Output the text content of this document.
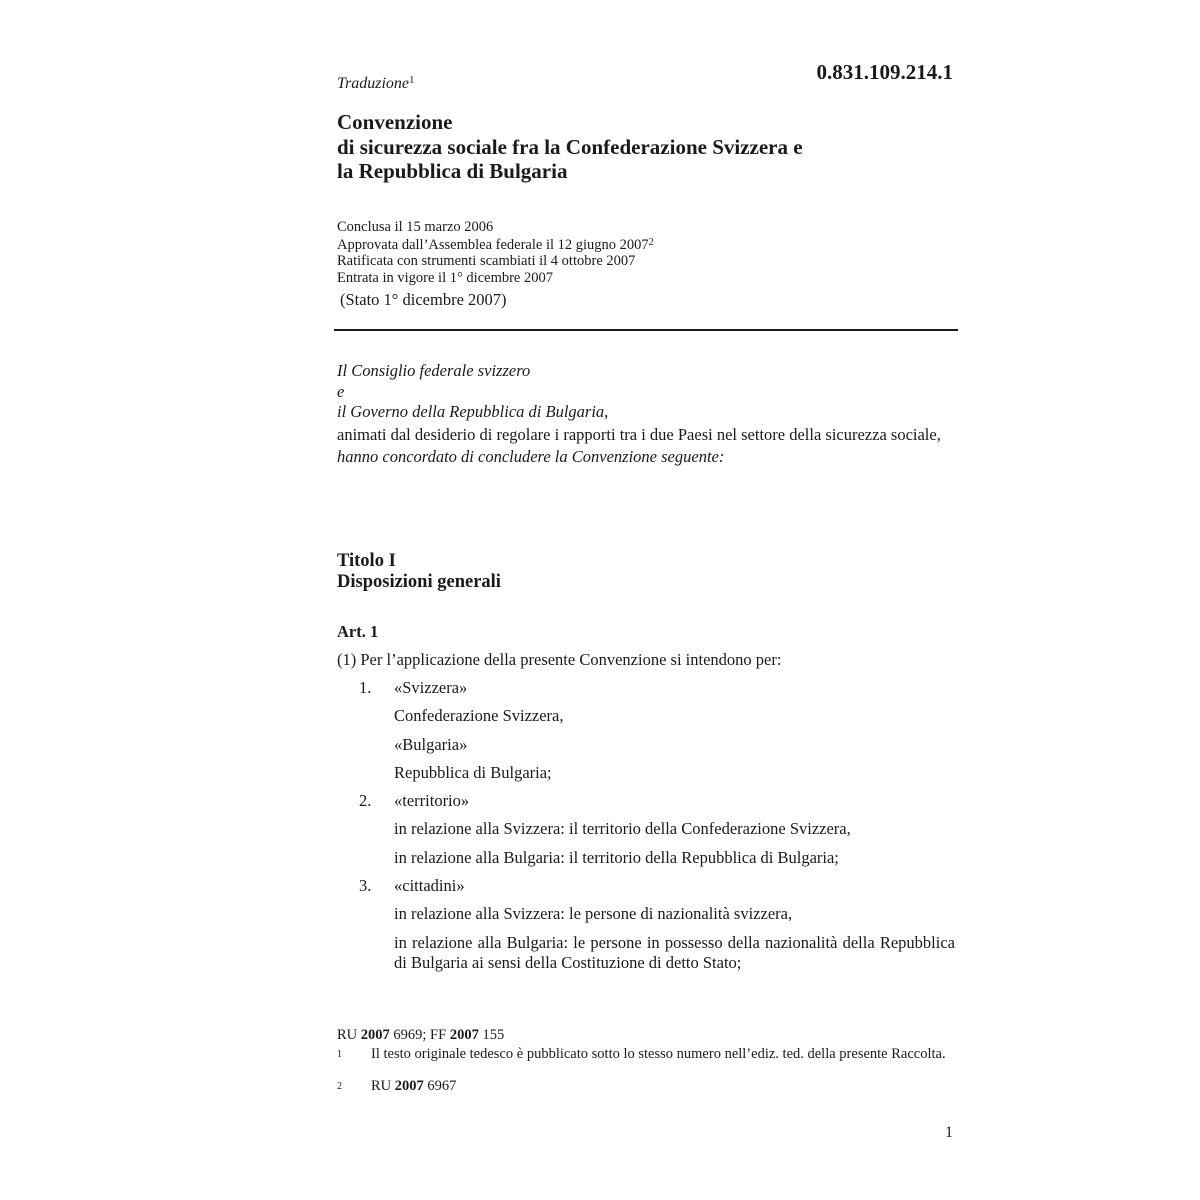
Traduzione$^1$	0.831.109.214.1
Convenzione
di sicurezza sociale fra la Confederazione Svizzera e
la Repubblica di Bulgaria
Conclusa il 15 marzo 2006
Approvata dall’Assemblea federale il 12 giugno 2007$^2$
Ratificata con strumenti scambiati il 4 ottobre 2007
Entrata in vigore il 1° dicembre 2007
(Stato 1° dicembre 2007)
Il Consiglio federale svizzero
e
il Governo della Repubblica di Bulgaria,
animati dal desiderio di regolare i rapporti tra i due Paesi nel settore della sicurezza sociale,
hanno concordato di concludere la Convenzione seguente:
Titolo I
Disposizioni generali
Art. 1
(1) Per l’applicazione della presente Convenzione si intendono per:
1.	«Svizzera»
Confederazione Svizzera,
«Bulgaria»
Repubblica di Bulgaria;
2.	«territorio»
in relazione alla Svizzera: il territorio della Confederazione Svizzera,
in relazione alla Bulgaria: il territorio della Repubblica di Bulgaria;
3.	«cittadini»
in relazione alla Svizzera: le persone di nazionalità svizzera,
in relazione alla Bulgaria: le persone in possesso della nazionalità della Repubblica di Bulgaria ai sensi della Costituzione di detto Stato;
RU 2007 6969; FF 2007 155
1	Il testo originale tedesco è pubblicato sotto lo stesso numero nell’ediz. ted. della presente Raccolta.
2	RU 2007 6967
1
